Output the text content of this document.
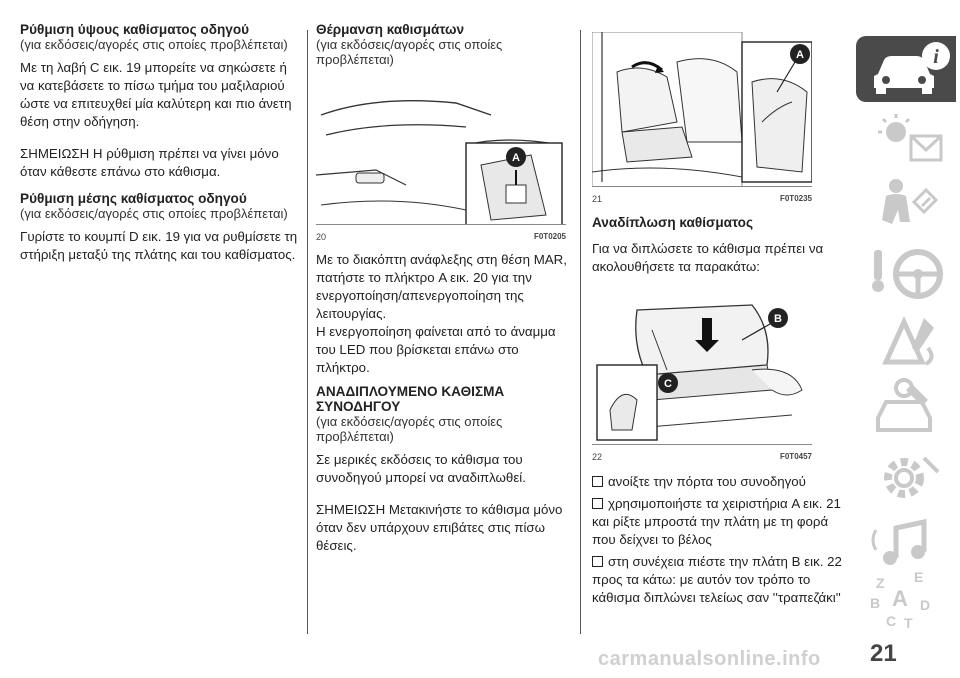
Ρύθμιση ύψους καθίσματος οδηγού
(για εκδόσεις/αγορές στις οποίες προβλέπεται)

Με τη λαβή C εικ. 19 μπορείτε να σηκώσετε ή να κατεβάσετε το πίσω τμήμα του μαξιλαριού ώστε να επιτευχθεί μία καλύτερη και πιο άνετη θέση στην οδήγηση.

ΣΗΜΕΙΩΣΗ Η ρύθμιση πρέπει να γίνει μόνο όταν κάθεστε επάνω στο κάθισμα.

Ρύθμιση μέσης καθίσματος οδηγού
(για εκδόσεις/αγορές στις οποίες προβλέπεται)

Γυρίστε το κουμπί D εικ. 19 για να ρυθμίσετε τη στήριξη μεταξύ της πλάτης και του καθίσματος.

Θέρμανση καθισμάτων
(για εκδόσεις/αγορές στις οποίες προβλέπεται)
A
20	F0T0205

Με το διακόπτη ανάφλεξης στη θέση MAR, πατήστε το πλήκτρο A εικ. 20 για την ενεργοποίηση/απενεργοποίηση της λειτουργίας.

Η ενεργοποίηση φαίνεται από το άναμμα του LED που βρίσκεται επάνω στο πλήκτρο.

ΑΝΑΔΙΠΛΟΥΜΕΝΟ ΚΑΘΙΣΜΑ ΣΥΝΟΔΗΓΟΥ
(για εκδόσεις/αγορές στις οποίες προβλέπεται)

Σε μερικές εκδόσεις το κάθισμα του συνοδηγού μπορεί να αναδιπλωθεί.

ΣΗΜΕΙΩΣΗ Μετακινήστε το κάθισμα μόνο όταν δεν υπάρχουν επιβάτες στις πίσω θέσεις.

A
21	F0T0235
Αναδίπλωση καθίσματος

Για να διπλώσετε το κάθισμα πρέπει να ακολουθήσετε τα παρακάτω:

C
B
22	F0T0457

ανοίξτε την πόρτα του συνοδηγού

χρησιμοποιήστε τα χειριστήρια A εικ. 21 και ρίξτε μπροστά την πλάτη με τη φορά που δείχνει το βέλος

στη συνέχεια πιέστε την πλάτη B εικ. 22 προς τα κάτω: με αυτόν τον τρόπο το κάθισμα διπλώνει τελείως σαν ''τραπεζάκι''

i
Z E
B A D
C T
21
carmanualsonline.info
